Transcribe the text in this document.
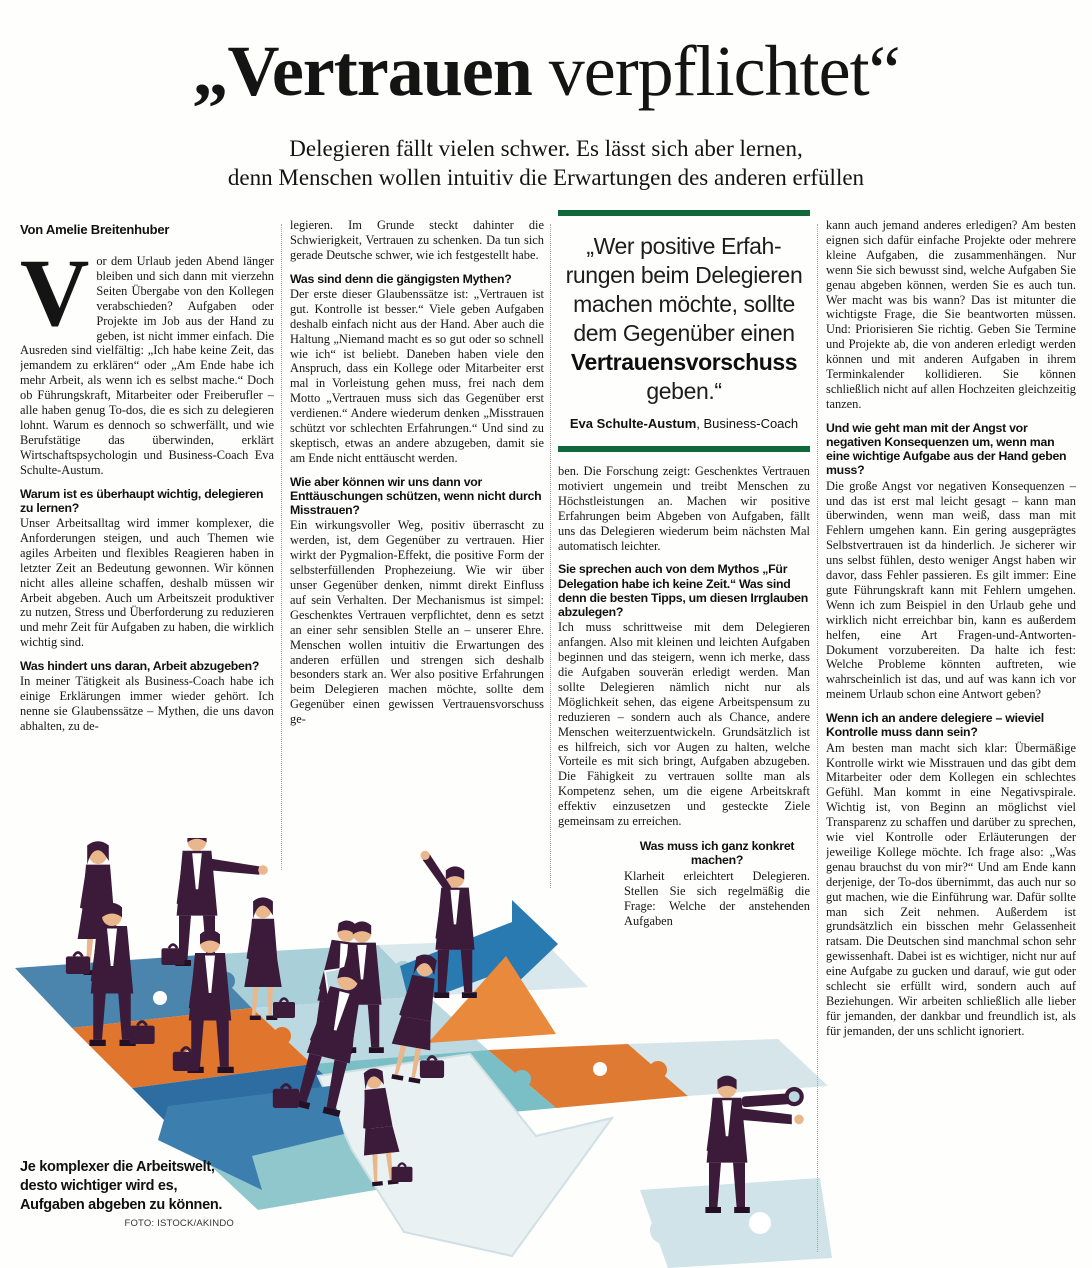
„Vertrauen verpflichtet“
Delegieren fällt vielen schwer. Es lässt sich aber lernen,
denn Menschen wollen intuitiv die Erwartungen des anderen erfüllen

Von Amelie Breitenhuber

Vor dem Urlaub jeden Abend länger bleiben und sich dann mit vierzehn Seiten Übergabe von den Kollegen verabschieden? Aufgaben oder Projekte im Job aus der Hand zu geben, ist nicht immer einfach. Die Ausreden sind vielfältig: „Ich habe keine Zeit, das jemandem zu erklären“ oder „Am Ende habe ich mehr Arbeit, als wenn ich es selbst mache.“ Doch ob Führungskraft, Mitarbeiter oder Freiberufler – alle haben genug To-dos, die es sich zu delegieren lohnt. Warum es dennoch so schwerfällt, und wie Berufstätige das überwinden, erklärt Wirtschaftspsychologin und Business-Coach Eva Schulte-Austum.

Warum ist es überhaupt wichtig, delegieren zu lernen?

Unser Arbeitsalltag wird immer komplexer, die Anforderungen steigen, und auch Themen wie agiles Arbeiten und flexibles Reagieren haben in letzter Zeit an Bedeutung gewonnen. Wir können nicht alles alleine schaffen, deshalb müssen wir Arbeit abgeben. Auch um Arbeitszeit produktiver zu nutzen, Stress und Überforderung zu reduzieren und mehr Zeit für Aufgaben zu haben, die wirklich wichtig sind.

Was hindert uns daran, Arbeit abzugeben?

In meiner Tätigkeit als Business-Coach habe ich einige Erklärungen immer wieder gehört. Ich nenne sie Glaubenssätze – Mythen, die uns davon abhalten, zu de-

legieren. Im Grunde steckt dahinter die Schwierigkeit, Vertrauen zu schenken. Da tun sich gerade Deutsche schwer, wie ich festgestellt habe.

Was sind denn die gängigsten Mythen?

Der erste dieser Glaubenssätze ist: „Vertrauen ist gut. Kontrolle ist besser.“ Viele geben Aufgaben deshalb einfach nicht aus der Hand. Aber auch die Haltung „Niemand macht es so gut oder so schnell wie ich“ ist beliebt. Daneben haben viele den Anspruch, dass ein Kollege oder Mitarbeiter erst mal in Vorleistung gehen muss, frei nach dem Motto „Vertrauen muss sich das Gegenüber erst verdienen.“ Andere wiederum denken „Misstrauen schützt vor schlechten Erfahrungen.“ Und sind zu skeptisch, etwas an andere abzugeben, damit sie am Ende nicht enttäuscht werden.

Wie aber können wir uns dann vor Enttäuschungen schützen, wenn nicht durch Misstrauen?

Ein wirkungsvoller Weg, positiv überrascht zu werden, ist, dem Gegenüber zu vertrauen. Hier wirkt der Pygmalion-Effekt, die positive Form der selbsterfüllenden Prophezeiung. Wie wir über unser Gegenüber denken, nimmt direkt Einfluss auf sein Verhalten. Der Mechanismus ist simpel: Geschenktes Vertrauen verpflichtet, denn es setzt an einer sehr sensiblen Stelle an – unserer Ehre. Menschen wollen intuitiv die Erwartungen des anderen erfüllen und strengen sich deshalb besonders stark an. Wer also positive Erfahrungen beim Delegieren machen möchte, sollte dem Gegenüber einen gewissen Vertrauensvorschuss ge-

„Wer positive Erfahrungen beim Delegieren machen möchte, sollte dem Gegenüber einen Vertrauensvorschuss geben.“

Eva Schulte-Austum, Business-Coach

ben. Die Forschung zeigt: Geschenktes Vertrauen motiviert ungemein und treibt Menschen zu Höchstleistungen an. Machen wir positive Erfahrungen beim Abgeben von Aufgaben, fällt uns das Delegieren wiederum beim nächsten Mal automatisch leichter.

Sie sprechen auch von dem Mythos „Für Delegation habe ich keine Zeit.“ Was sind denn die besten Tipps, um diesen Irrglauben abzulegen?

Ich muss schrittweise mit dem Delegieren anfangen. Also mit kleinen und leichten Aufgaben beginnen und das steigern, wenn ich merke, dass die Aufgaben souverän erledigt werden. Man sollte Delegieren nämlich nicht nur als Möglichkeit sehen, das eigene Arbeitspensum zu reduzieren – sondern auch als Chance, andere Menschen weiterzuentwickeln. Grundsätzlich ist es hilfreich, sich vor Augen zu halten, welche Vorteile es mit sich bringt, Aufgaben abzugeben. Die Fähigkeit zu vertrauen sollte man als Kompetenz sehen, um die eigene Arbeitskraft effektiv einzusetzen und gesteckte Ziele gemeinsam zu erreichen.

Was muss ich ganz konkret machen?

Klarheit erleichtert Delegieren. Stellen Sie sich regelmäßig die Frage: Welche der anstehenden Aufgaben

kann auch jemand anderes erledigen? Am besten eignen sich dafür einfache Projekte oder mehrere kleine Aufgaben, die zusammenhängen. Nur wenn Sie sich bewusst sind, welche Aufgaben Sie genau abgeben können, werden Sie es auch tun. Wer macht was bis wann? Das ist mitunter die wichtigste Frage, die Sie beantworten müssen. Und: Priorisieren Sie richtig. Geben Sie Termine und Projekte ab, die von anderen erledigt werden können und mit anderen Aufgaben in ihrem Terminkalender kollidieren. Sie können schließlich nicht auf allen Hochzeiten gleichzeitig tanzen.

Und wie geht man mit der Angst vor negativen Konsequenzen um, wenn man eine wichtige Aufgabe aus der Hand geben muss?

Die große Angst vor negativen Konsequenzen – und das ist erst mal leicht gesagt – kann man überwinden, wenn man weiß, dass man mit Fehlern umgehen kann. Ein gering ausgeprägtes Selbstvertrauen ist da hinderlich. Je sicherer wir uns selbst fühlen, desto weniger Angst haben wir davor, dass Fehler passieren. Es gilt immer: Eine gute Führungskraft kann mit Fehlern umgehen. Wenn ich zum Beispiel in den Urlaub gehe und wirklich nicht erreichbar bin, kann es außerdem helfen, eine Art Fragen-und-Antworten-Dokument vorzubereiten. Da halte ich fest: Welche Probleme könnten auftreten, wie wahrscheinlich ist das, und auf was kann ich vor meinem Urlaub schon eine Antwort geben?

Wenn ich an andere delegiere – wieviel Kontrolle muss dann sein?

Am besten man macht sich klar: Übermäßige Kontrolle wirkt wie Misstrauen und das gibt dem Mitarbeiter oder dem Kollegen ein schlechtes Gefühl. Man kommt in eine Negativspirale. Wichtig ist, von Beginn an möglichst viel Transparenz zu schaffen und darüber zu sprechen, wie viel Kontrolle oder Erläuterungen der jeweilige Kollege möchte. Ich frage also: „Was genau brauchst du von mir?“ Und am Ende kann derjenige, der To-dos übernimmt, das auch nur so gut machen, wie die Einführung war. Dafür sollte man sich Zeit nehmen. Außerdem ist grundsätzlich ein bisschen mehr Gelassenheit ratsam. Die Deutschen sind manchmal schon sehr gewissenhaft. Dabei ist es wichtiger, nicht nur auf eine Aufgabe zu gucken und darauf, wie gut oder schlecht sie erfüllt wird, sondern auch auf Beziehungen. Wir arbeiten schließlich alle lieber für jemanden, der dankbar und freundlich ist, als für jemanden, der uns schlicht ignoriert.

Je komplexer die Arbeitswelt, desto wichtiger wird es, Aufgaben abgeben zu können.

FOTO: ISTOCK/AKINDO
